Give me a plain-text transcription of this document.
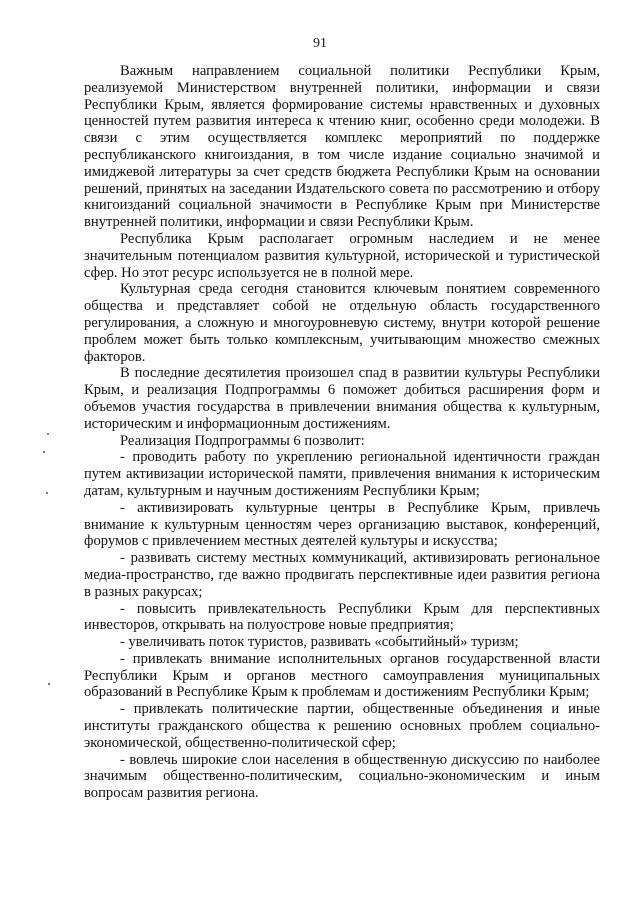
91

Важным направлением социальной политики Республики Крым, реализуемой Министерством внутренней политики, информации и связи Республики Крым, является формирование системы нравственных и духовных ценностей путем развития интереса к чтению книг, особенно среди молодежи. В связи с этим осуществляется комплекс мероприятий по поддержке республиканского книгоиздания, в том числе издание социально значимой и имиджевой литературы за счет средств бюджета Республики Крым на основании решений, принятых на заседании Издательского совета по рассмотрению и отбору книгоизданий социальной значимости в Республике Крым при Министерстве внутренней политики, информации и связи Республики Крым.

Республика Крым располагает огромным наследием и не менее значительным потенциалом развития культурной, исторической и туристической сфер. Но этот ресурс используется не в полной мере.

Культурная среда сегодня становится ключевым понятием современного общества и представляет собой не отдельную область государственного регулирования, а сложную и многоуровневую систему, внутри которой решение проблем может быть только комплексным, учитывающим множество смежных факторов.

В последние десятилетия произошел спад в развитии культуры Республики Крым, и реализация Подпрограммы 6 поможет добиться расширения форм и объемов участия государства в привлечении внимания общества к культурным, историческим и информационным достижениям.

Реализация Подпрограммы 6 позволит:

- проводить работу по укреплению региональной идентичности граждан путем активизации исторической памяти, привлечения внимания к историческим датам, культурным и научным достижениям Республики Крым;

- активизировать культурные центры в Республике Крым, привлечь внимание к культурным ценностям через организацию выставок, конференций, форумов с привлечением местных деятелей культуры и искусства;

- развивать систему местных коммуникаций, активизировать региональное медиа-пространство, где важно продвигать перспективные идеи развития региона в разных ракурсах;

- повысить привлекательность Республики Крым для перспективных инвесторов, открывать на полуострове новые предприятия;

- увеличивать поток туристов, развивать «событийный» туризм;

- привлекать внимание исполнительных органов государственной власти Республики Крым и органов местного самоуправления муниципальных образований в Республике Крым к проблемам и достижениям Республики Крым;

- привлекать политические партии, общественные объединения и иные институты гражданского общества к решению основных проблем социально-экономической, общественно-политической сфер;

- вовлечь широкие слои населения в общественную дискуссию по наиболее значимым общественно-политическим, социально-экономическим и иным вопросам развития региона.
